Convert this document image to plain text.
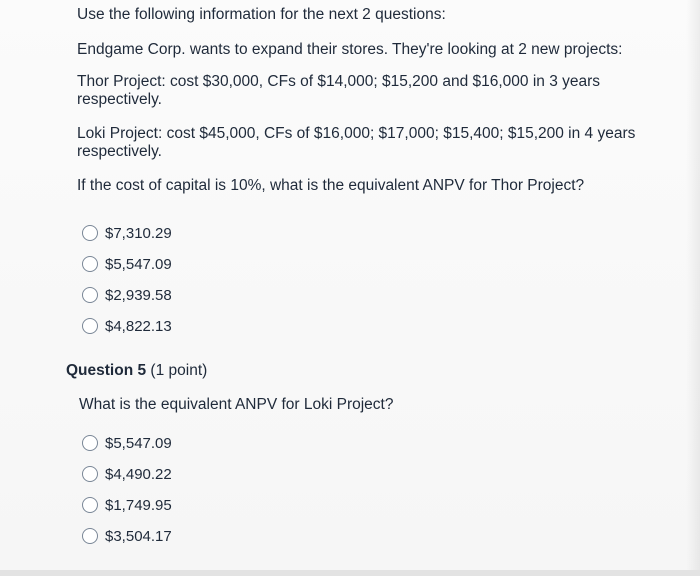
Use the following information for the next 2 questions:
Endgame Corp. wants to expand their stores. They're looking at 2 new projects:
Thor Project: cost $30,000, CFs of $14,000; $15,200 and $16,000 in 3 years respectively.
Loki Project: cost $45,000, CFs of $16,000; $17,000; $15,400; $15,200 in 4 years respectively.
If the cost of capital is 10%, what is the equivalent ANPV for Thor Project?
$7,310.29
$5,547.09
$2,939.58
$4,822.13
Question 5 (1 point)
What is the equivalent ANPV for Loki Project?
$5,547.09
$4,490.22
$1,749.95
$3,504.17
